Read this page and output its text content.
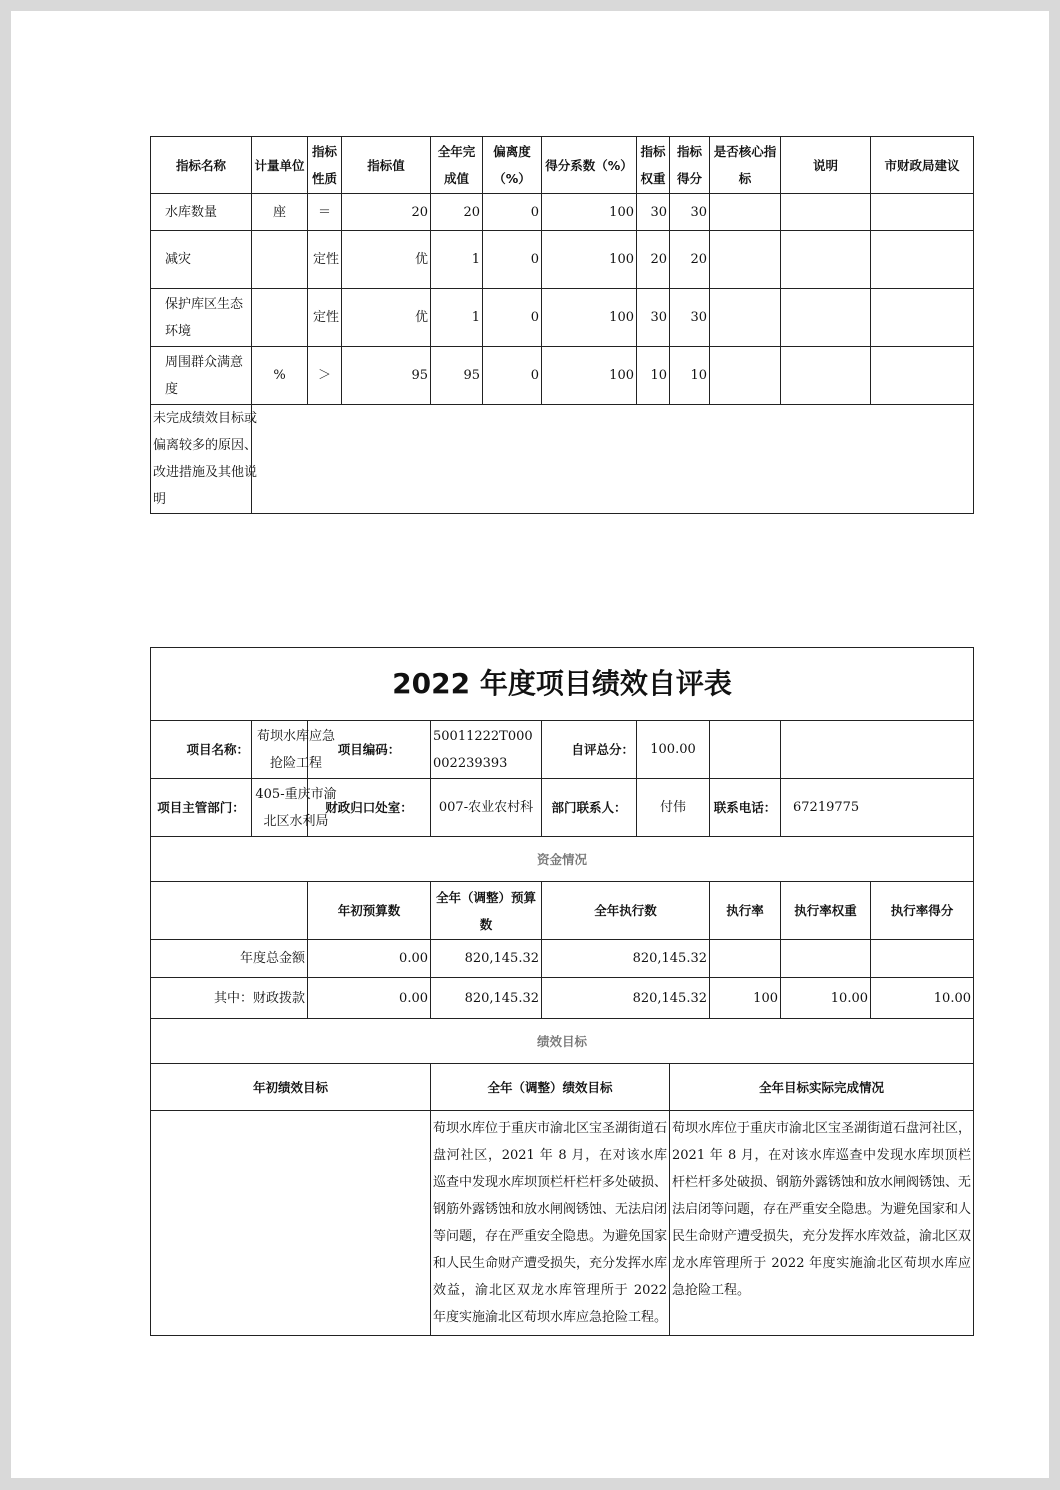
指标名称	计量单位	指标性质	指标值	全年完成值	偏离度（%）	得分系数（%）	指标权重	指标得分	是否核心指标	说明	市财政局建议
水库数量	座	＝	20	20	0	100	30	30			
减灾		定性	优	1	0	100	20	20			
保护库区生态环境		定性	优	1	0	100	30	30			
周围群众满意度	%	＞	95	95	0	100	10	10			

未完成绩效目标或偏离较多的原因、改进措施及其他说明											

2022 年度项目绩效自评表									
项目名称：	荀坝水库应急抢险工程	项目编码：	50011222T000002239393	自评总分：	100.00				
项目主管部门：	405-重庆市渝北区水利局	财政归口处室：	007-农业农村科	部门联系人：	付伟		联系电话：	67219775	
资金情况									
		年初预算数	全年（调整）预算数	全年执行数			执行率	执行率权重	执行率得分
年度总金额		0.00	820,145.32	820,145.32					
其中：财政拨款		0.00	820,145.32	820,145.32			100	10.00	10.00
绩效目标									
年初绩效目标			全年（调整）绩效目标			全年目标实际完成情况			
			荀坝水库位于重庆市渝北区宝圣湖街道石盘河社区，2021 年 8 月，在对该水库巡查中发现水库坝顶栏杆栏杆多处破损、钢筋外露锈蚀和放水闸阀锈蚀、无法启闭等问题，存在严重安全隐患。为避免国家和人民生命财产遭受损失，充分发挥水库效益，渝北区双龙水库管理所于 2022 年度实施渝北区荀坝水库应急抢险工程。			荀坝水库位于重庆市渝北区宝圣湖街道石盘河社区，2021 年 8 月，在对该水库巡查中发现水库坝顶栏杆栏杆多处破损、钢筋外露锈蚀和放水闸阀锈蚀、无法启闭等问题，存在严重安全隐患。为避免国家和人民生命财产遭受损失，充分发挥水库效益，渝北区双龙水库管理所于 2022 年度实施渝北区荀坝水库应急抢险工程。			
